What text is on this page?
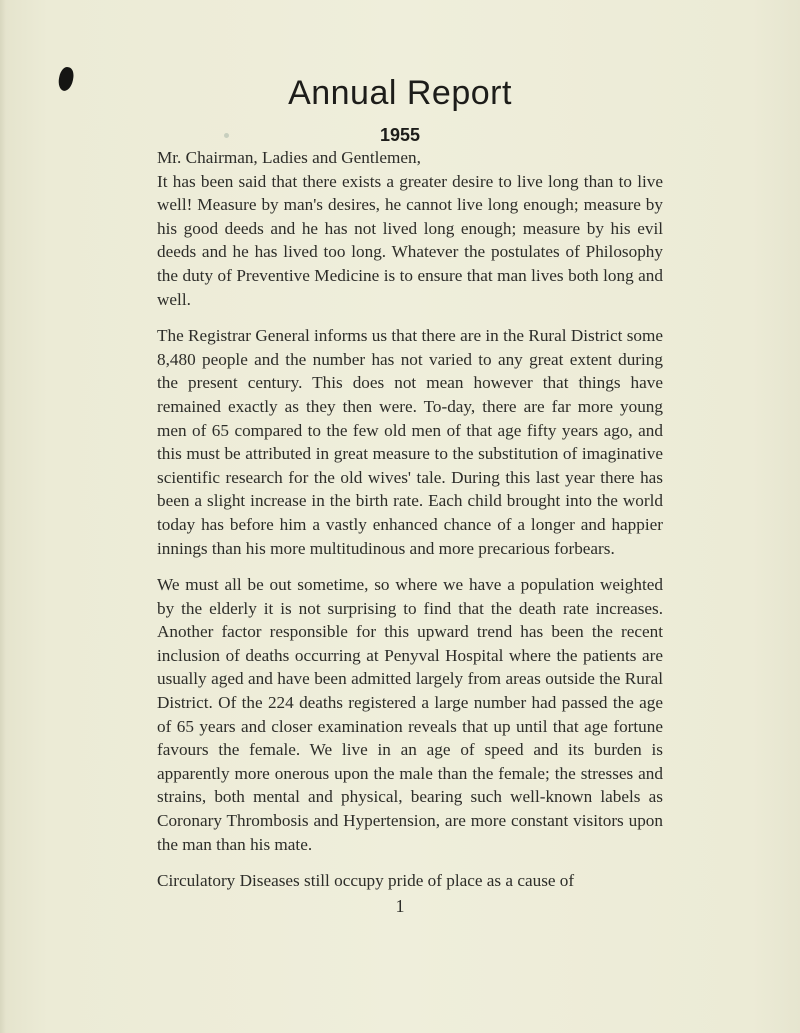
Annual Report
1955

Mr. Chairman, Ladies and Gentlemen,

It has been said that there exists a greater desire to live long than to live well! Measure by man's desires, he cannot live long enough; measure by his good deeds and he has not lived long enough; measure by his evil deeds and he has lived too long. Whatever the postulates of Philosophy the duty of Preventive Medicine is to ensure that man lives both long and well.

The Registrar General informs us that there are in the Rural District some 8,480 people and the number has not varied to any great extent during the present century. This does not mean however that things have remained exactly as they then were. To-day, there are far more young men of 65 compared to the few old men of that age fifty years ago, and this must be attributed in great measure to the substitution of imaginative scientific research for the old wives' tale. During this last year there has been a slight increase in the birth rate. Each child brought into the world today has before him a vastly enhanced chance of a longer and happier innings than his more multitudinous and more precarious forbears.

We must all be out sometime, so where we have a population weighted by the elderly it is not surprising to find that the death rate increases. Another factor responsible for this upward trend has been the recent inclusion of deaths occurring at Penyval Hospital where the patients are usually aged and have been admitted largely from areas outside the Rural District. Of the 224 deaths registered a large number had passed the age of 65 years and closer examination reveals that up until that age fortune favours the female. We live in an age of speed and its burden is apparently more onerous upon the male than the female; the stresses and strains, both mental and physical, bearing such well-known labels as Coronary Thrombosis and Hypertension, are more constant visitors upon the man than his mate.

Circulatory Diseases still occupy pride of place as a cause of

1
